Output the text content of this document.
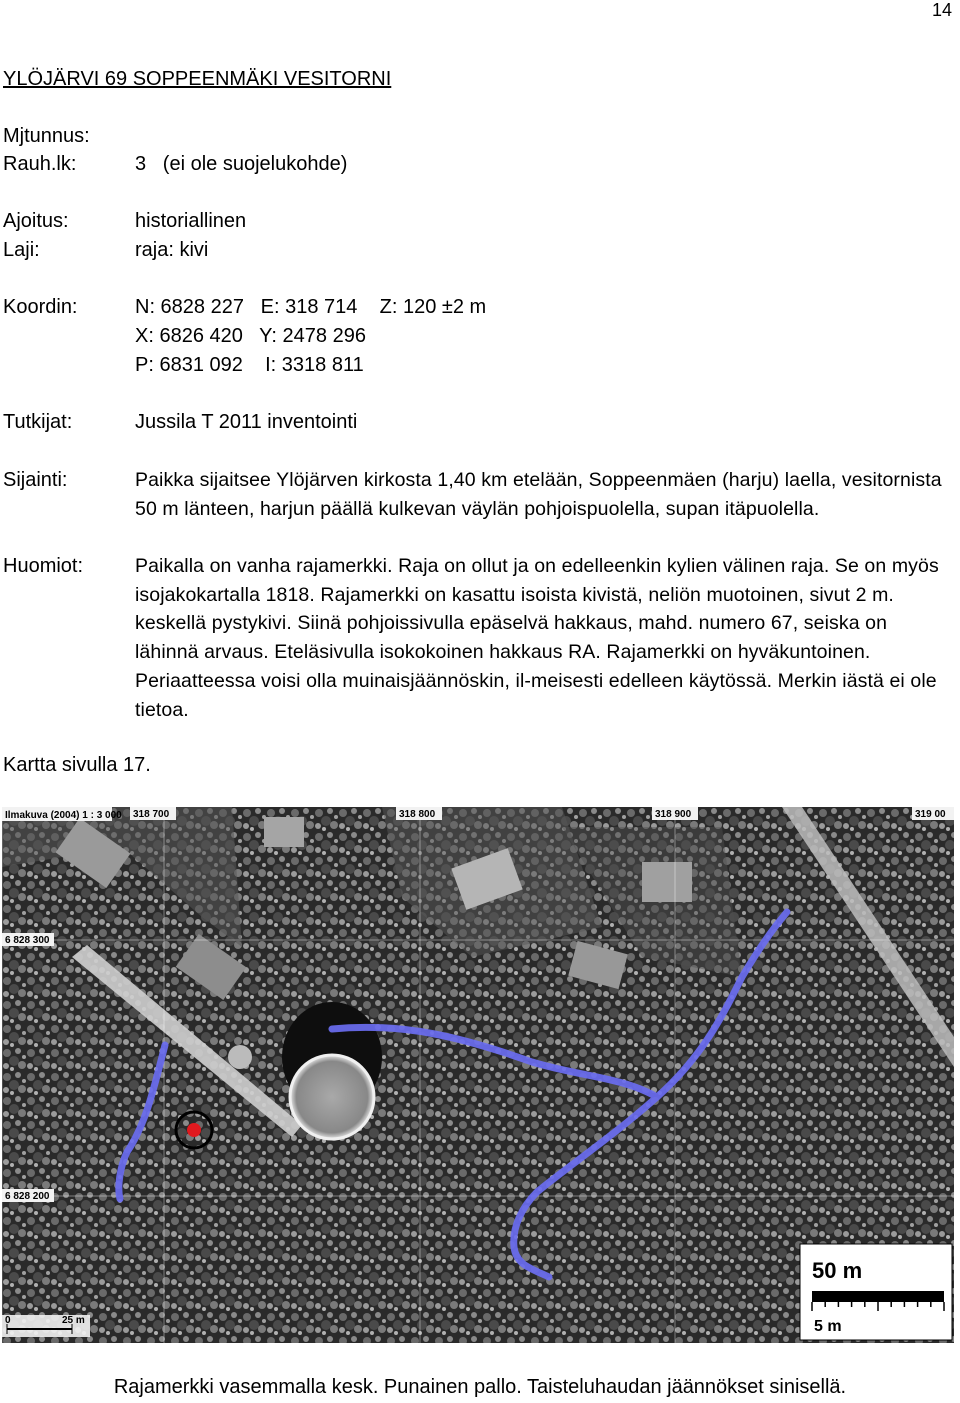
14
YLÖJÄRVI 69 SOPPEENMÄKI VESITORNI
Mjtunnus:
Rauh.lk:	3   (ei ole suojelukohde)
Ajoitus:	historiallinen
Laji:	raja: kivi
Koordin:	N: 6828 227   E: 318 714    Z: 120 ±2 m
X: 6826 420   Y: 2478 296
P: 6831 092    I: 3318 811
Tutkijat:	Jussila T 2011 inventointi
Sijainti:	Paikka sijaitsee Ylöjärven kirkosta 1,40 km etelään, Soppeenmäen (harju) laella, vesitornista 50 m länteen, harjun päällä kulkevan väylän pohjoispuolella, supan itäpuolella.

Huomiot:	Paikalla on vanha rajamerkki. Raja on ollut ja on edelleenkin kylien välinen raja. Se on myös isojakokartalla 1818. Rajamerkki on kasattu isoista kivistä, neliön muotoinen, sivut 2 m. keskellä pystykivi. Siinä pohjoissivulla epäselvä hakkaus, mahd. numero 67, seiska on lähinnä arvaus. Eteläsivulla isokokoinen hakkaus RA. Rajamerkki on hyväkuntoinen. Periaatteessa voisi olla muinaisjäännöskin, il-meisesti edelleen käytössä. Merkin iästä ei ole tietoa.

Kartta sivulla 17.
Ilmakuva (2004) 1 : 3 000 318 700	318 800	318 900	319 00
6 828 300
6 828 200
0	25 m
50 m
5 m
Rajamerkki vasemmalla kesk. Punainen pallo. Taisteluhaudan jäännökset sinisellä.
